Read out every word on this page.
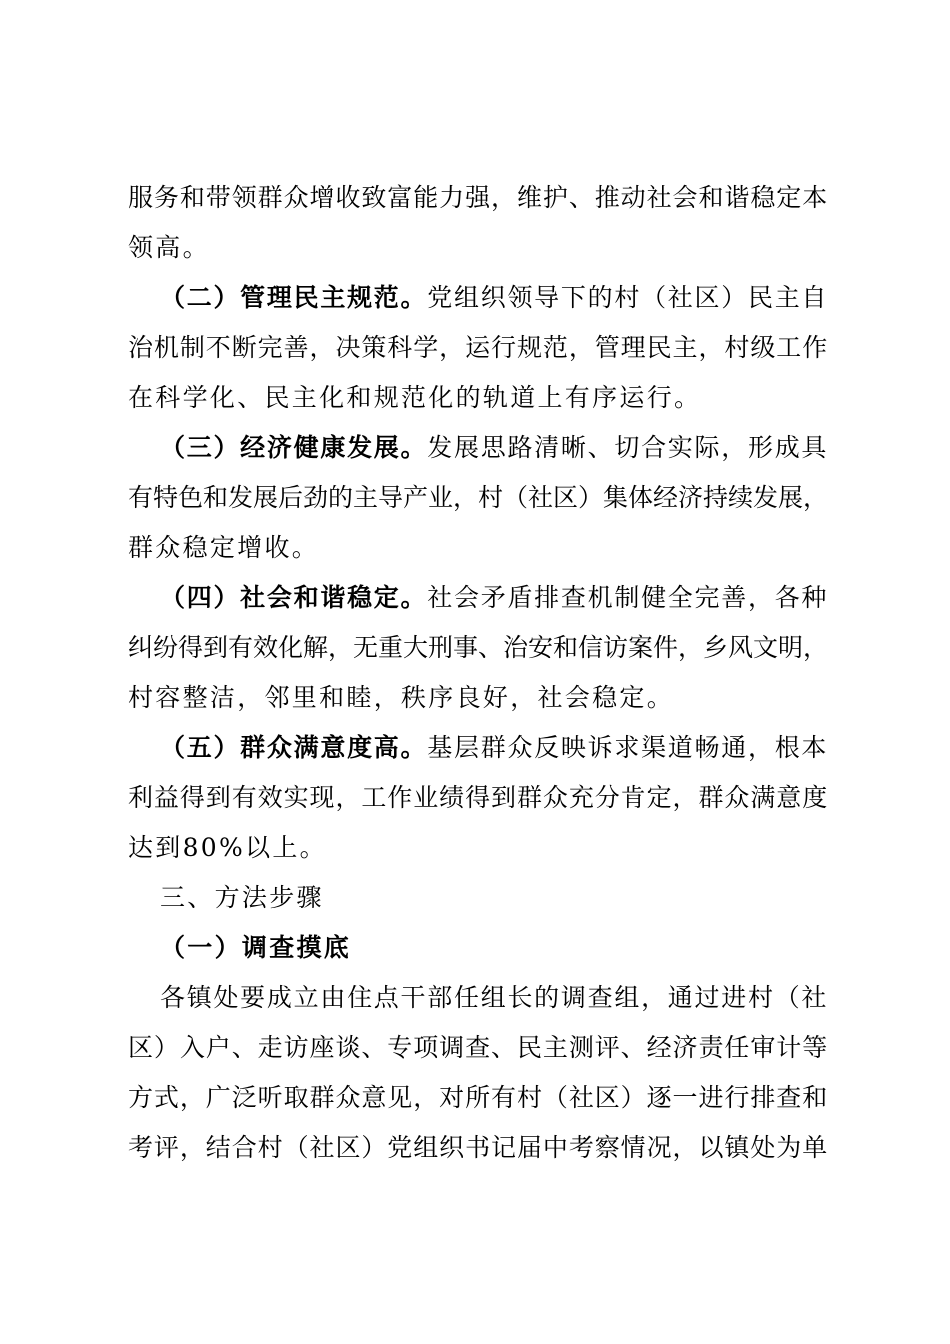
服务和带领群众增收致富能力强，维护、推动社会和谐稳定本
领高。
（二）管理民主规范。党组织领导下的村（社区）民主自
治机制不断完善，决策科学，运行规范，管理民主，村级工作
在科学化、民主化和规范化的轨道上有序运行。
（三）经济健康发展。发展思路清晰、切合实际，形成具
有特色和发展后劲的主导产业，村（社区）集体经济持续发展，
群众稳定增收。
（四）社会和谐稳定。社会矛盾排查机制健全完善，各种
纠纷得到有效化解，无重大刑事、治安和信访案件，乡风文明，
村容整洁，邻里和睦，秩序良好，社会稳定。
（五）群众满意度高。基层群众反映诉求渠道畅通，根本
利益得到有效实现，工作业绩得到群众充分肯定，群众满意度
达到80%以上。
三、方法步骤
（一）调查摸底
各镇处要成立由住点干部任组长的调查组，通过进村（社
区）入户、走访座谈、专项调查、民主测评、经济责任审计等
方式，广泛听取群众意见，对所有村（社区）逐一进行排查和
考评，结合村（社区）党组织书记届中考察情况，以镇处为单
